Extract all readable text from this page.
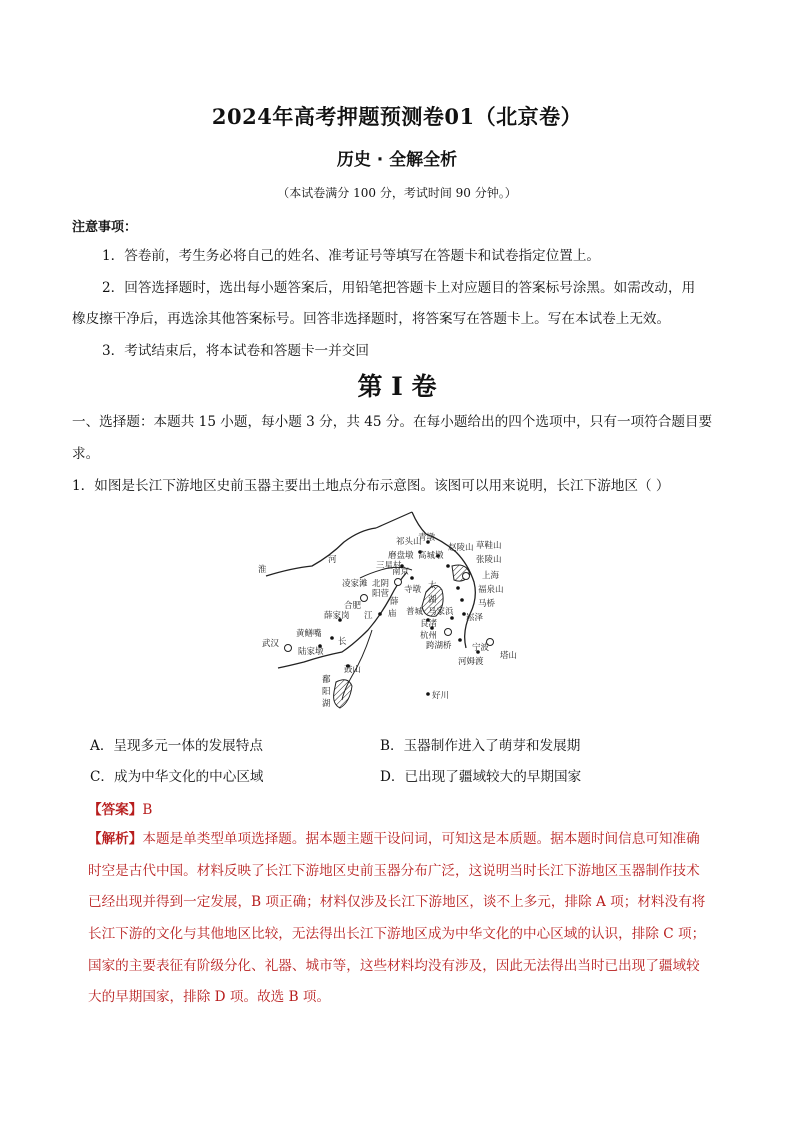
2024年高考押题预测卷01（北京卷）
历史 · 全解全析
（本试卷满分 100 分，考试时间 90 分钟。）
注意事项：
1．答卷前，考生务必将自己的姓名、准考证号等填写在答题卡和试卷指定位置上。
2．回答选择题时，选出每小题答案后，用铅笔把答题卡上对应题目的答案标号涂黑。如需改动，用
橡皮擦干净后，再选涂其他答案标号。回答非选择题时，将答案写在答题卡上。写在本试卷上无效。
3．考试结束后，将本试卷和答题卡一并交回
第 I 卷
一、选择题：本题共 15 小题，每小题 3 分，共 45 分。在每小题给出的四个选项中，只有一项符合题目要
求。
1．如图是长江下游地区史前玉器主要出土地点分布示意图。该图可以用来说明，长江下游地区（ ）
淮
河
祁头山
青墩
赵陵山 草鞋山
磨盘墩 高城墩	张陵山
三星村
上海
凌家滩
南京
北阴
阳营 寺墩	福泉山
合肥
太
湖	马桥
江
薛
庙 普城 马家浜
良渚
崧泽
薛家岗
武汉
黄鳝嘴
陆家墩
长
杭州
跨湖桥 宁波
塔山
河姆渡
鼓山
鄱
阳
湖
好川
A．呈现多元一体的发展特点	B．玉器制作进入了萌芽和发展期
C．成为中华文化的中心区域	D．已出现了疆域较大的早期国家
【答案】B
【解析】本题是单类型单项选择题。据本题主题干设问词，可知这是本质题。据本题时间信息可知准确
时空是古代中国。材料反映了长江下游地区史前玉器分布广泛，这说明当时长江下游地区玉器制作技术
已经出现并得到一定发展，B 项正确；材料仅涉及长江下游地区，谈不上多元，排除 A 项；材料没有将
长江下游的文化与其他地区比较，无法得出长江下游地区成为中华文化的中心区域的认识，排除 C 项；
国家的主要表征有阶级分化、礼器、城市等，这些材料均没有涉及，因此无法得出当时已出现了疆域较
大的早期国家，排除 D 项。故选 B 项。
